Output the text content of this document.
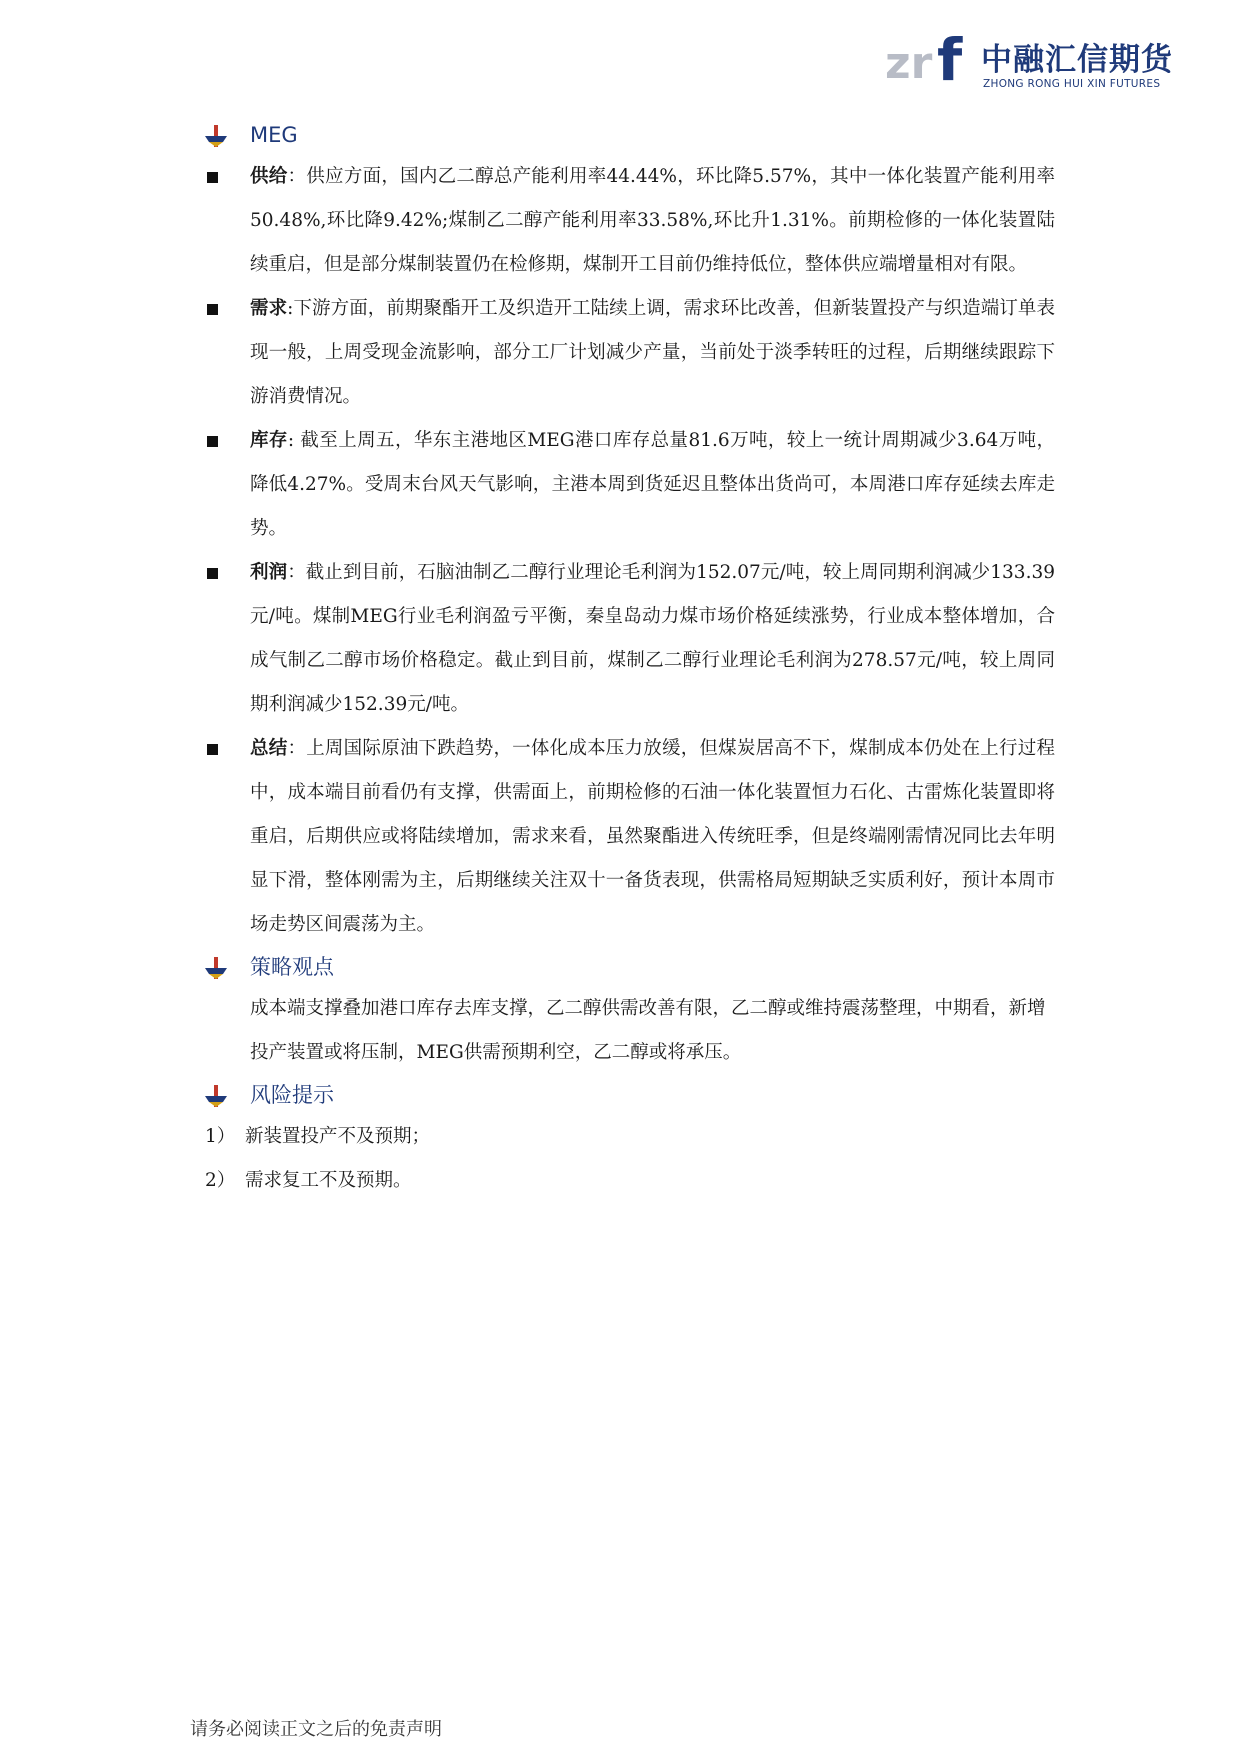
zr f 中融汇信期货
ZHONG RONG HUI XIN FUTURES
MEG
供给：供应方面，国内乙二醇总产能利用率44.44%，环比降5.57%，其中一体化装置产能利用率50.48%,环比降9.42%;煤制乙二醇产能利用率33.58%,环比升1.31%。前期检修的一体化装置陆续重启，但是部分煤制装置仍在检修期，煤制开工目前仍维持低位，整体供应端增量相对有限。
需求:下游方面，前期聚酯开工及织造开工陆续上调，需求环比改善，但新装置投产与织造端订单表现一般，上周受现金流影响，部分工厂计划减少产量，当前处于淡季转旺的过程，后期继续跟踪下游消费情况。
库存: 截至上周五，华东主港地区MEG港口库存总量81.6万吨，较上一统计周期减少3.64万吨，降低4.27%。受周末台风天气影响，主港本周到货延迟且整体出货尚可，本周港口库存延续去库走势。
利润：截止到目前，石脑油制乙二醇行业理论毛利润为152.07元/吨，较上周同期利润减少133.39元/吨。煤制MEG行业毛利润盈亏平衡，秦皇岛动力煤市场价格延续涨势，行业成本整体增加，合成气制乙二醇市场价格稳定。截止到目前，煤制乙二醇行业理论毛利润为278.57元/吨，较上周同期利润减少152.39元/吨。
总结：上周国际原油下跌趋势，一体化成本压力放缓，但煤炭居高不下，煤制成本仍处在上行过程中，成本端目前看仍有支撑，供需面上，前期检修的石油一体化装置恒力石化、古雷炼化装置即将重启，后期供应或将陆续增加，需求来看，虽然聚酯进入传统旺季，但是终端刚需情况同比去年明显下滑，整体刚需为主，后期继续关注双十一备货表现，供需格局短期缺乏实质利好，预计本周市场走势区间震荡为主。
策略观点
成本端支撑叠加港口库存去库支撑，乙二醇供需改善有限，乙二醇或维持震荡整理，中期看，新增投产装置或将压制，MEG供需预期利空，乙二醇或将承压。
风险提示
1） 新装置投产不及预期；
2） 需求复工不及预期。
请务必阅读正文之后的免责声明
